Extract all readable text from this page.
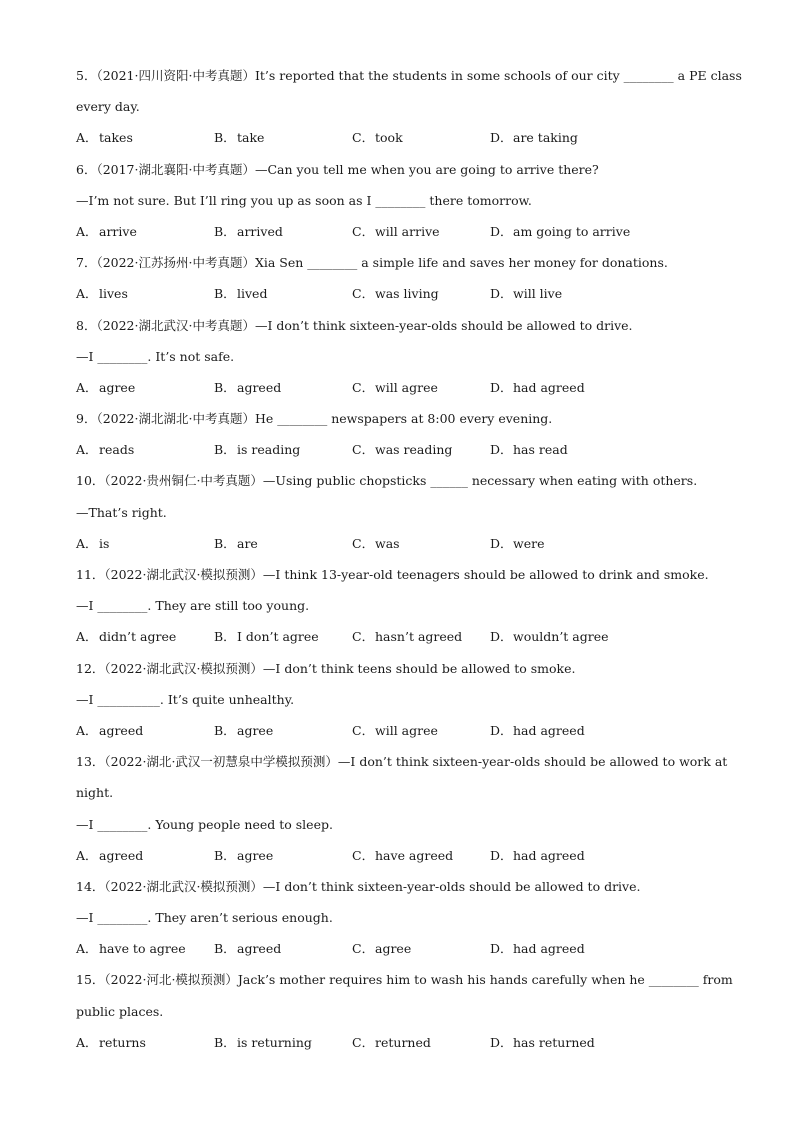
5．（2021·四川资阳·中考真题）It’s reported that the students in some schools of our city ________ a PE class
every day.
A．takes	B．take	C．took	D．are taking
6．（2017·湖北襄阳·中考真题）—Can you tell me when you are going to arrive there?
—I’m not sure. But I’ll ring you up as soon as I ________ there tomorrow.
A．arrive	B．arrived	C．will arrive	D．am going to arrive
7．（2022·江苏扬州·中考真题）Xia Sen ________ a simple life and saves her money for donations.
A．lives	B．lived	C．was living	D．will live
8．（2022·湖北武汉·中考真题）—I don’t think sixteen-year-olds should be allowed to drive.
—I ________. It’s not safe.
A．agree	B．agreed	C．will agree	D．had agreed
9．（2022·湖北湖北·中考真题）He ________ newspapers at 8:00 every evening.
A．reads	B．is reading	C．was reading	D．has read
10．（2022·贵州铜仁·中考真题）—Using public chopsticks ______ necessary when eating with others.
—That’s right.
A．is	B．are	C．was	D．were
11．（2022·湖北武汉·模拟预测）—I think 13-year-old teenagers should be allowed to drink and smoke.
—I ________. They are still too young.
A．didn’t agree	B．I don’t agree	C．hasn’t agreed D．wouldn’t agree
12．（2022·湖北武汉·模拟预测）—I don’t think teens should be allowed to smoke.
—I __________. It’s quite unhealthy.
A．agreed	B．agree	C．will agree	D．had agreed
13．（2022·湖北·武汉一初慧泉中学模拟预测）—I don’t think sixteen-year-olds should be allowed to work at
night.
—I ________. Young people need to sleep.
A．agreed	B．agree	C．have agreed	D．had agreed
14．（2022·湖北武汉·模拟预测）—I don’t think sixteen-year-olds should be allowed to drive.
—I ________. They aren’t serious enough.
A．have to agree B．agreed	C．agree	D．had agreed
15．（2022·河北·模拟预测）Jack’s mother requires him to wash his hands carefully when he ________ from
public places.
A．returns	B．is returning	C．returned	D．has returned
